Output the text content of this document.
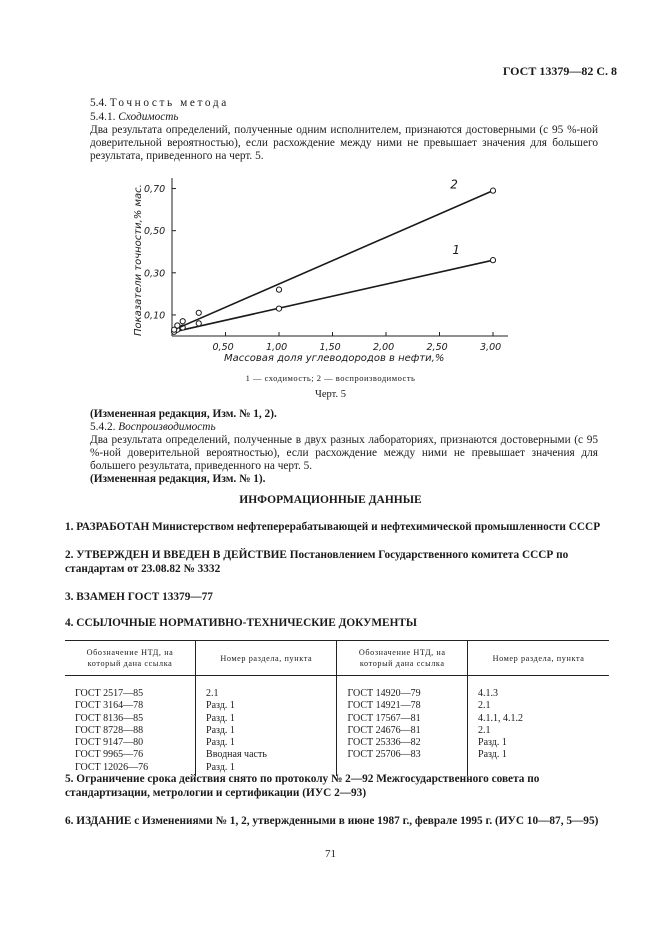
ГОСТ 13379—82 С. 8
5.4. Точность метода
5.4.1. Сходимость
Два результата определений, полученные одним исполнителем, признаются достоверными (с 95 %-ной доверительной вероятностью), если расхождение между ними не превышает значения для большего результата, приведенного на черт. 5.
0,50	1,00	1,50	2,00	2,50	3,00
0,10
0,30
0,50
0,70
1
2
Показатели точности,% мас.
Массовая доля углеводородов в нефти,%
1 — сходимость; 2 — воспроизводимость
Черт. 5
(Измененная редакция, Изм. № 1, 2).
5.4.2. Воспроизводимость
Два результата определений, полученные в двух разных лабораториях, признаются достоверными (с 95 %-ной доверительной вероятностью), если расхождение между ними не превышает значения для большего результата, приведенного на черт. 5.
(Измененная редакция, Изм. № 1).
ИНФОРМАЦИОННЫЕ ДАННЫЕ
1. РАЗРАБОТАН Министерством нефтеперерабатывающей и нефтехимической промышленности СССР
2. УТВЕРЖДЕН И ВВЕДЕН В ДЕЙСТВИЕ Постановлением Государственного комитета СССР по стандартам от 23.08.82 № 3332
3. ВЗАМЕН ГОСТ 13379—77
4. ССЫЛОЧНЫЕ НОРМАТИВНО-ТЕХНИЧЕСКИЕ ДОКУМЕНТЫ
Обозначение НТД, на который дана ссылка	Номер раздела, пункта	Обозначение НТД, на который дана ссылка	Номер раздела, пункта
ГОСТ 2517—85	2.1	ГОСТ 14920—79	4.1.3
ГОСТ 3164—78	Разд. 1	ГОСТ 14921—78	2.1
ГОСТ 8136—85	Разд. 1	ГОСТ 17567—81	4.1.1, 4.1.2
ГОСТ 8728—88	Разд. 1	ГОСТ 24676—81	2.1
ГОСТ 9147—80	Разд. 1	ГОСТ 25336—82	Разд. 1
ГОСТ 9965—76	Вводная часть	ГОСТ 25706—83	Разд. 1
ГОСТ 12026—76	Разд. 1		
5. Ограничение срока действия снято по протоколу № 2—92 Межгосударственного совета по стандартизации, метрологии и сертификации (ИУС 2—93)
6. ИЗДАНИЕ с Изменениями № 1, 2, утвержденными в июне 1987 г., феврале 1995 г. (ИУС 10—87, 5—95)
71
